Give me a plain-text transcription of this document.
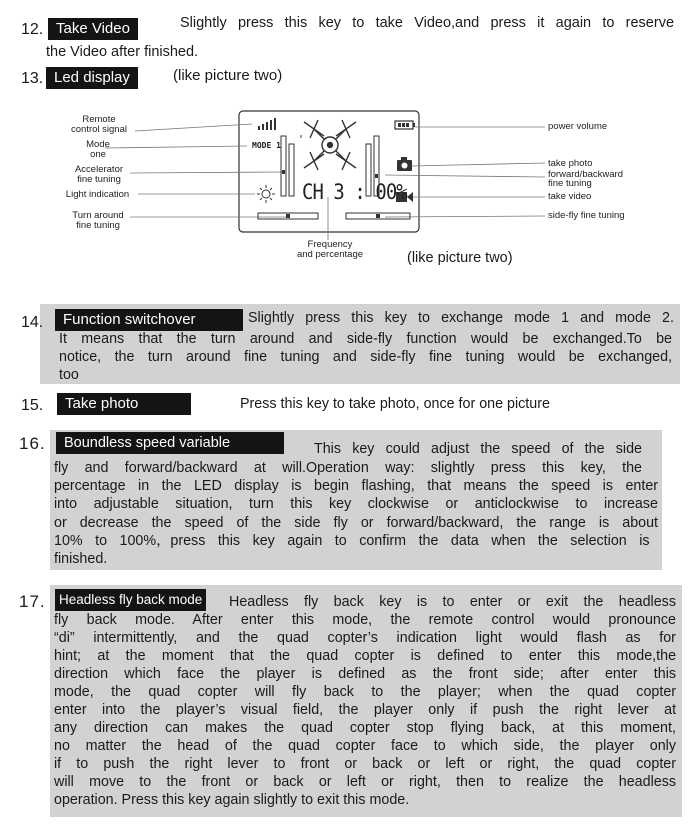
12. Take Video	Slightly press this key to take Video,and press it again to reserve
the Video after finished.
13. Led display	(like picture two)
MODE 1
CH 3 : 00%
Remote
control signal
Mode
one
Accelerator
fine tuning
Light indication
Turn around
fine tuning
power volume
take photo
forward/backward
fine tuning
take video
side-fly fine tuning
Frequency
and percentage	(like picture two)
14.	Function switchover	Slightly press this key to exchange mode 1 and mode 2.
It means that the turn around and side-fly function would be exchanged.To be
notice, the turn around fine tuning and side-fly fine tuning would be exchanged,
too
15.	Take photo	Press this key to take photo, once for one picture
16.	Boundless speed variable	This key could adjust the speed of the side
fly and forward/backward at will.Operation way: slightly press this key, the
percentage in the LED display is begin flashing, that means the speed is enter
into adjustable situation, turn this key clockwise or anticlockwise to increase
or decrease the speed of the side fly or forward/backward, the range is about
10% to 100%，press this key again to confirm the data when the selection is
finished.
17. Headless fly back mode Headless fly back key is to enter or exit the headless
fly back mode. After enter this mode, the remote control would pronounce
“di” intermittently, and the quad copter’s indication light would flash as for
hint; at the moment that the quad copter is defined to enter this mode,the
direction which face the player is defined as the front side; after enter this
mode, the quad copter will fly back to the player; when the quad copter
enter into the player’s visual field, the player only if push the right lever at
any direction can makes the quad copter stop flying back, at this moment,
no matter the head of the quad copter face to which side, the player only
if to push the right lever to front or back or left or right, the quad copter
will move to the front or back or left or right, then to realize the headless
operation. Press this key again slightly to exit this mode.
